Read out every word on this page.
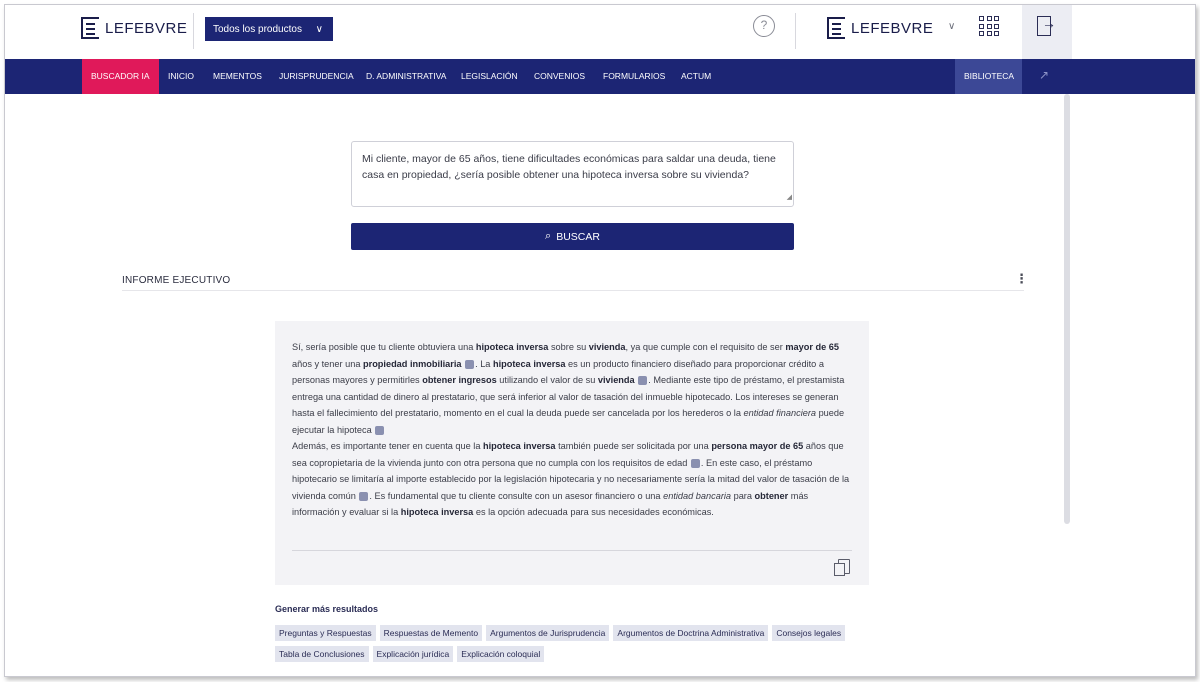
LEFEBVRE	Todos los productos ∨	?	LEFEBVRE ∨
→
BUSCADOR IA	INICIO	MEMENTOS	JURISPRUDENCIA	D. ADMINISTRATIVA	LEGISLACIÓN	CONVENIOS	FORMULARIOS	ACTUM	BIBLIOTECA	↗
Mi cliente, mayor de 65 años, tiene dificultades económicas para saldar una deuda, tiene casa en propiedad, ¿sería posible obtener una hipoteca inversa sobre su vivienda?
◢
⌕ BUSCAR
INFORME EJECUTIVO	⋮
Sí, sería posible que tu cliente obtuviera una hipoteca inversa sobre su vivienda, ya que cumple con el requisito de ser mayor de 65 años y tener una propiedad inmobiliaria . La hipoteca inversa es un producto financiero diseñado para proporcionar crédito a personas mayores y permitirles obtener ingresos utilizando el valor de su vivienda . Mediante este tipo de préstamo, el prestamista entrega una cantidad de dinero al prestatario, que será inferior al valor de tasación del inmueble hipotecado. Los intereses se generan hasta el fallecimiento del prestatario, momento en el cual la deuda puede ser cancelada por los herederos o la entidad financiera puede ejecutar la hipoteca
Además, es importante tener en cuenta que la hipoteca inversa también puede ser solicitada por una persona mayor de 65 años que sea copropietaria de la vivienda junto con otra persona que no cumpla con los requisitos de edad . En este caso, el préstamo hipotecario se limitaría al importe establecido por la legislación hipotecaria y no necesariamente sería la mitad del valor de tasación de la vivienda común . Es fundamental que tu cliente consulte con un asesor financiero o una entidad bancaria para obtener más información y evaluar si la hipoteca inversa es la opción adecuada para sus necesidades económicas.
Generar más resultados
Preguntas y Respuestas	Respuestas de Memento	Argumentos de Jurisprudencia	Argumentos de Doctrina Administrativa	Consejos legales
Tabla de Conclusiones	Explicación jurídica	Explicación coloquial
